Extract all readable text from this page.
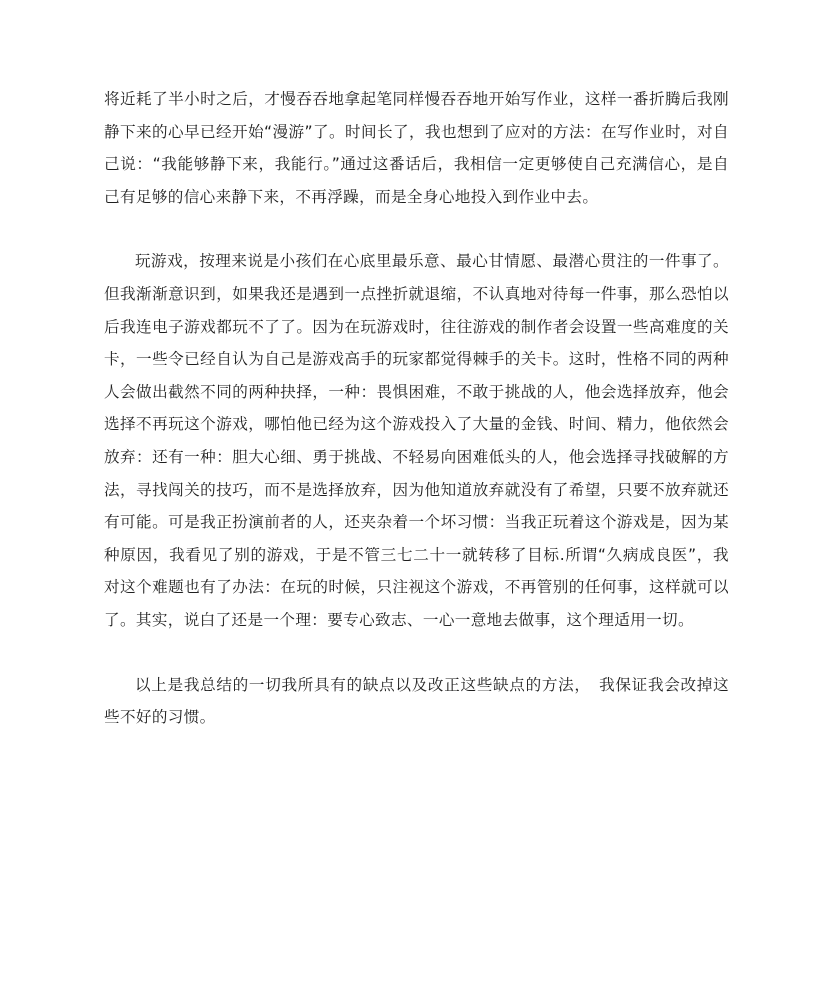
将近耗了半小时之后，才慢吞吞地拿起笔同样慢吞吞地开始写作业，这样一番折腾后我刚静下来的心早已经开始“漫游”了。时间长了，我也想到了应对的方法：在写作业时，对自己说：“我能够静下来，我能行。”通过这番话后，我相信一定更够使自己充满信心，是自己有足够的信心来静下来，不再浮躁，而是全身心地投入到作业中去。

玩游戏，按理来说是小孩们在心底里最乐意、最心甘情愿、最潜心贯注的一件事了。但我渐渐意识到，如果我还是遇到一点挫折就退缩，不认真地对待每一件事，那么恐怕以后我连电子游戏都玩不了了。因为在玩游戏时，往往游戏的制作者会设置一些高难度的关卡，一些令已经自认为自己是游戏高手的玩家都觉得棘手的关卡。这时，性格不同的两种人会做出截然不同的两种抉择，一种：畏惧困难，不敢于挑战的人，他会选择放弃，他会选择不再玩这个游戏，哪怕他已经为这个游戏投入了大量的金钱、时间、精力，他依然会放弃：还有一种：胆大心细、勇于挑战、不轻易向困难低头的人，他会选择寻找破解的方法，寻找闯关的技巧，而不是选择放弃，因为他知道放弃就没有了希望，只要不放弃就还有可能。可是我正扮演前者的人，还夹杂着一个坏习惯：当我正玩着这个游戏是，因为某种原因，我看见了别的游戏，于是不管三七二十一就转移了目标.所谓“久病成良医”，我对这个难题也有了办法：在玩的时候，只注视这个游戏，不再管别的任何事，这样就可以了。其实，说白了还是一个理：要专心致志、一心一意地去做事，这个理适用一切。

以上是我总结的一切我所具有的缺点以及改正这些缺点的方法，　我保证我会改掉这些不好的习惯。
